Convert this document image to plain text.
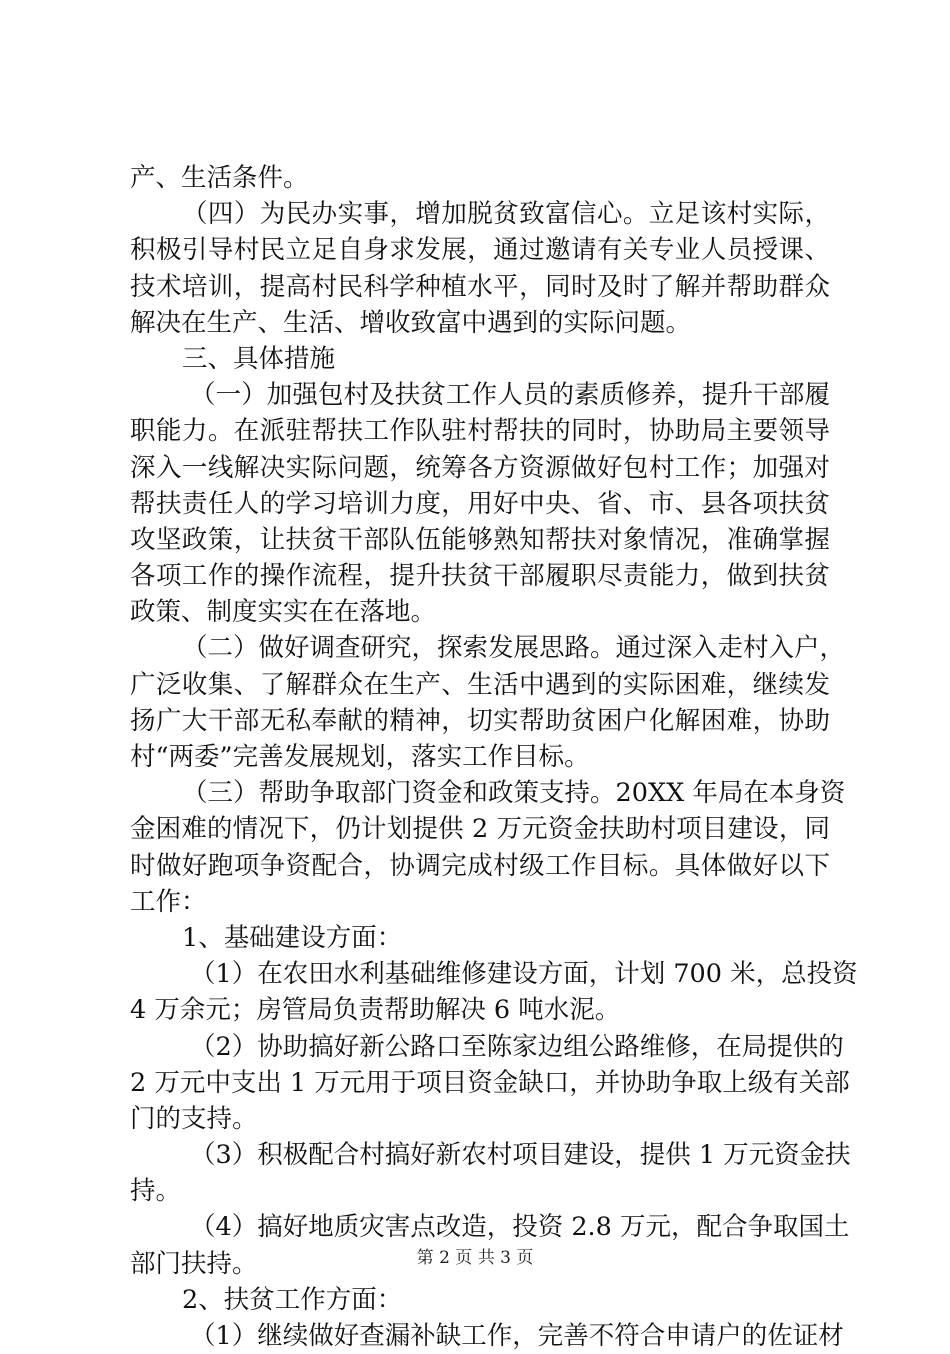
产、生活条件。
（四）为民办实事，增加脱贫致富信心。立足该村实际，
积极引导村民立足自身求发展，通过邀请有关专业人员授课、
技术培训，提高村民科学种植水平，同时及时了解并帮助群众
解决在生产、生活、增收致富中遇到的实际问题。
三、具体措施
（一）加强包村及扶贫工作人员的素质修养，提升干部履
职能力。在派驻帮扶工作队驻村帮扶的同时，协助局主要领导
深入一线解决实际问题，统筹各方资源做好包村工作；加强对
帮扶责任人的学习培训力度，用好中央、省、市、县各项扶贫
攻坚政策，让扶贫干部队伍能够熟知帮扶对象情况，准确掌握
各项工作的操作流程，提升扶贫干部履职尽责能力，做到扶贫
政策、制度实实在在落地。
（二）做好调查研究，探索发展思路。通过深入走村入户，
广泛收集、了解群众在生产、生活中遇到的实际困难，继续发
扬广大干部无私奉献的精神，切实帮助贫困户化解困难，协助
村“两委”完善发展规划，落实工作目标。
（三）帮助争取部门资金和政策支持。20XX 年局在本身资
金困难的情况下，仍计划提供 2 万元资金扶助村项目建设，同
时做好跑项争资配合，协调完成村级工作目标。具体做好以下
工作：
1、基础建设方面：
（1）在农田水利基础维修建设方面，计划 700 米，总投资
4 万余元；房管局负责帮助解决 6 吨水泥。
（2）协助搞好新公路口至陈家边组公路维修，在局提供的
2 万元中支出 1 万元用于项目资金缺口，并协助争取上级有关部
门的支持。
（3）积极配合村搞好新农村项目建设，提供 1 万元资金扶
持。
（4）搞好地质灾害点改造，投资 2.8 万元，配合争取国土
部门扶持。
2、扶贫工作方面：
（1）继续做好查漏补缺工作，完善不符合申请户的佐证材
第 2 页 共 3 页
